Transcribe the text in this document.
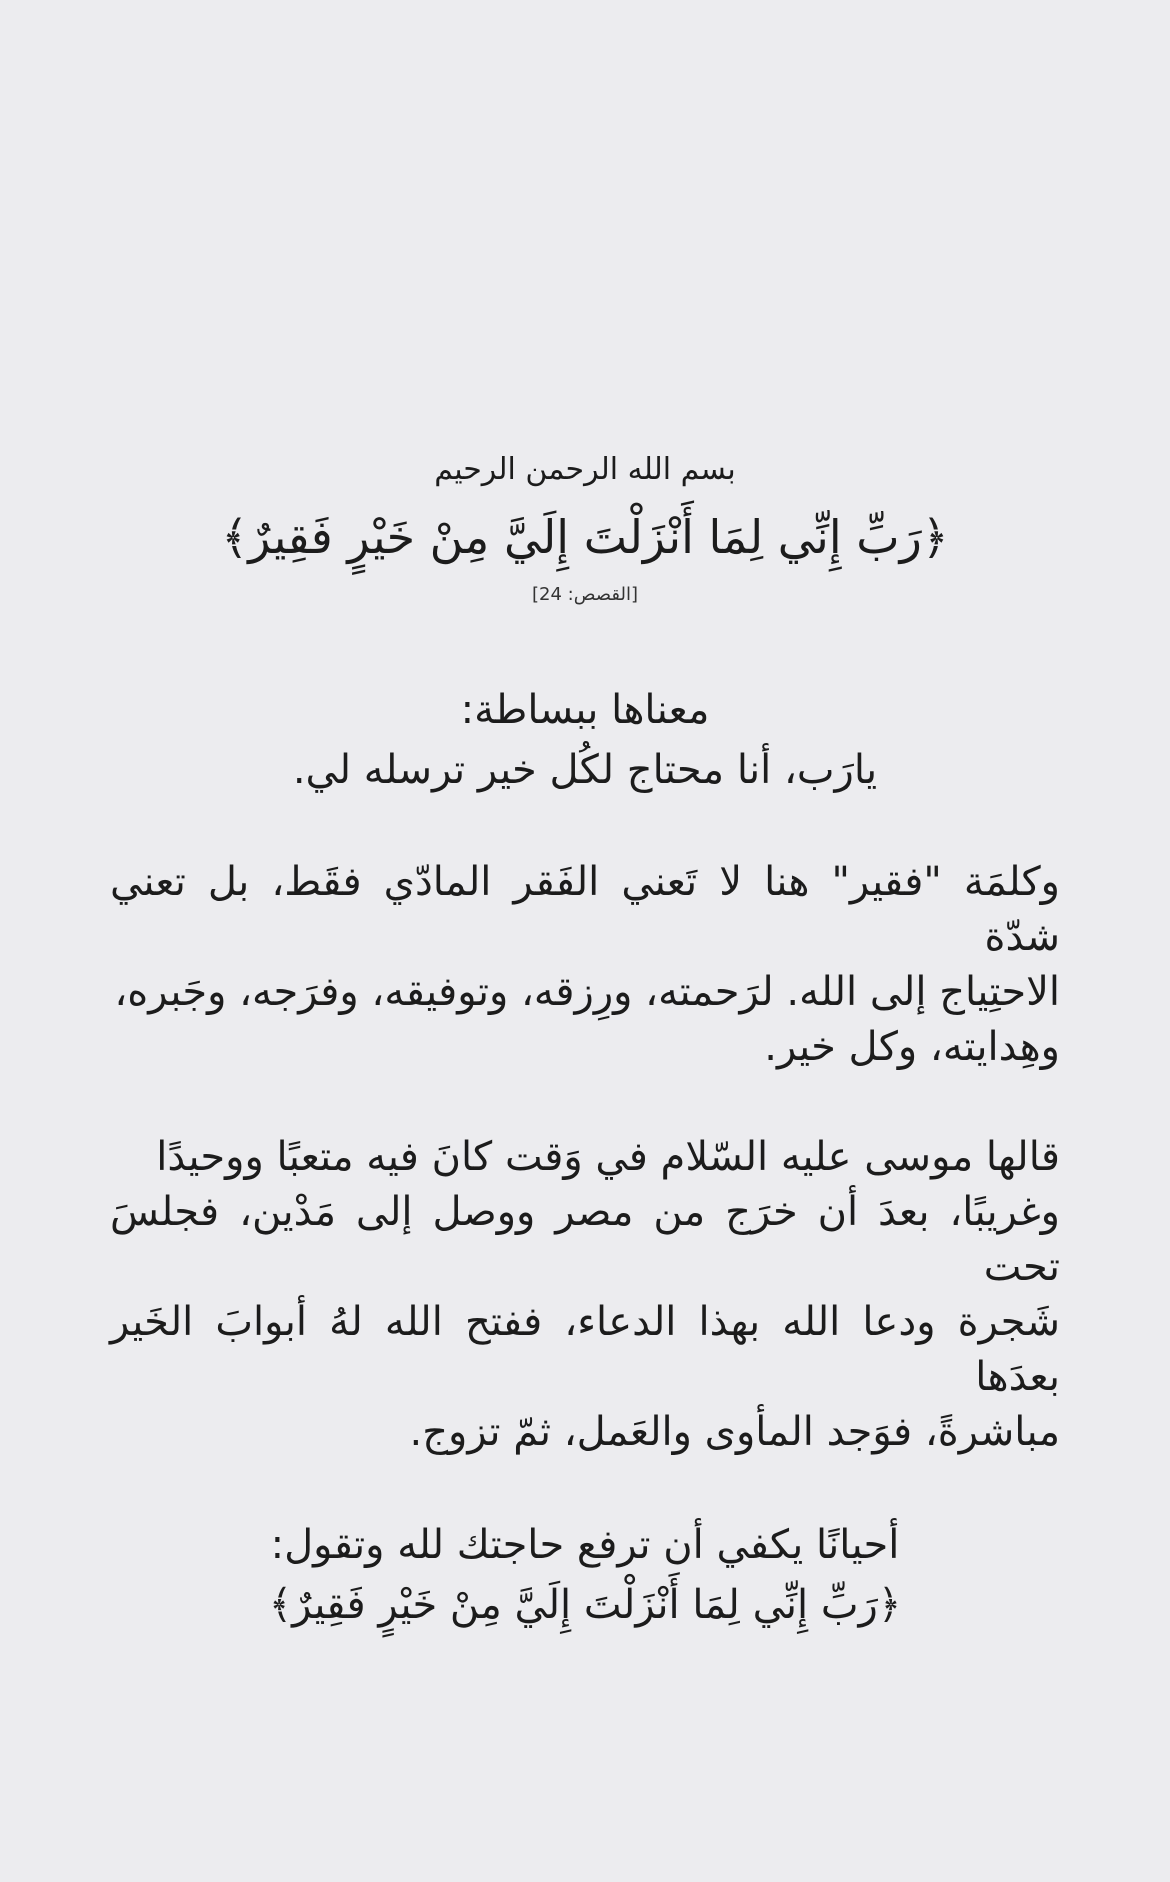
بسم الله الرحمن الرحيم

﴿رَبِّ إِنِّي لِمَا أَنْزَلْتَ إِلَيَّ مِنْ خَيْرٍ فَقِيرٌ﴾

[القصص: 24]

معناها ببساطة:
يارَب، أنا محتاج لكُل خير ترسله لي.
وكلمَة "فقير" هنا لا تَعني الفَقر المادّي فقَط، بل تعني شدّة
الاحتِياج إلى الله. لرَحمته، ورِزقه، وتوفيقه، وفرَجه، وجَبره،
وهِدايته، وكل خير.
قالها موسى عليه السّلام في وَقت كانَ فيه متعبًا ووحيدًا
وغريبًا، بعدَ أن خرَج من مصر ووصل إلى مَدْين، فجلسَ تحت
شَجرة ودعا الله بهذا الدعاء، ففتح الله لهُ أبوابَ الخَير بعدَها
مباشرةً، فوَجد المأوى والعَمل، ثمّ تزوج.
أحيانًا يكفي أن ترفع حاجتك لله وتقول:
﴿رَبِّ إِنِّي لِمَا أَنْزَلْتَ إِلَيَّ مِنْ خَيْرٍ فَقِيرٌ﴾
